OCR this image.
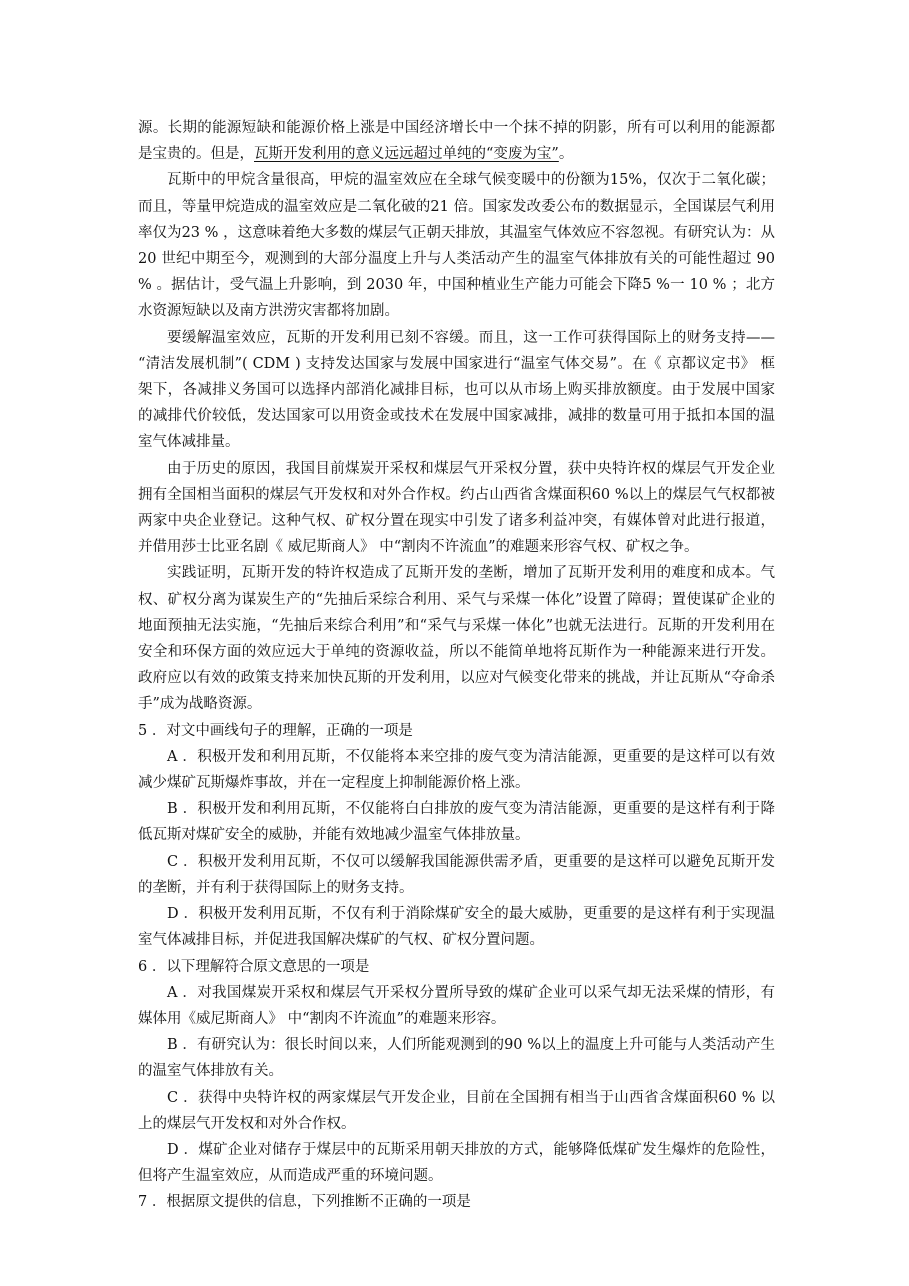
源。长期的能源短缺和能源价格上涨是中国经济增长中一个抹不掉的阴影，所有可以利用的能源都是宝贵的。但是，瓦斯开发利用的意义远远超过单纯的“变废为宝”。

瓦斯中的甲烷含量很高，甲烷的温室效应在全球气候变暖中的份额为15%，仅次于二氧化碳；而且，等量甲烷造成的温室效应是二氧化破的21 倍。国家发改委公布的数据显示，全国谋层气利用率仅为23 % ，这意味着绝大多数的煤层气正朝天排放，其温室气体效应不容忽视。有研究认为：从20 世纪中期至今，观测到的大部分温度上升与人类活动产生的温室气体排放有关的可能性超过 90 % 。据估计，受气温上升影响，到 2030 年，中国种植业生产能力可能会下降5 %一 10 % ；北方水资源短缺以及南方洪涝灾害都将加剧。

要缓解温室效应，瓦斯的开发利用已刻不容缓。而且，这一工作可获得国际上的财务支持—— “清洁发展机制”( CDM ) 支持发达国家与发展中国家进行“温室气体交易”。在《 京都议定书》 框架下，各减排义务国可以选择内部消化减排目标，也可以从市场上购买排放额度。由于发展中国家的减排代价较低，发达国家可以用资金或技术在发展中国家减排，减排的数量可用于抵扣本国的温室气体减排量。

由于历史的原因，我国目前煤炭开采权和煤层气开采权分置，获中央特许权的煤层气开发企业拥有全国相当面积的煤层气开发权和对外合作权。约占山西省含煤面积60 %以上的煤层气气权都被两家中央企业登记。这种气权、矿权分置在现实中引发了诸多利益冲突，有媒体曾对此进行报道，并借用莎士比亚名剧《 威尼斯商人》 中“割肉不许流血”的难题来形容气权、矿权之争。

实践证明，瓦斯开发的特许权造成了瓦斯开发的垄断，增加了瓦斯开发利用的难度和成本。气权、矿权分离为谋炭生产的“先抽后采综合利用、采气与采煤一体化”设置了障碍；置使谋矿企业的地面预抽无法实施，“先抽后来综合利用”和“采气与采煤一体化”也就无法进行。瓦斯的开发利用在安全和环保方面的效应远大于单纯的资源收益，所以不能简单地将瓦斯作为一种能源来进行开发。政府应以有效的政策支持来加快瓦斯的开发利用，以应对气候变化带来的挑战，并让瓦斯从“夺命杀手”成为战略资源。

5 ．对文中画线句子的理解，正确的一项是

A ．积极开发和利用瓦斯，不仅能将本来空排的废气变为清洁能源，更重要的是这样可以有效减少煤矿瓦斯爆炸事故，并在一定程度上抑制能源价格上涨。

B ．积极开发和利用瓦斯，不仅能将白白排放的废气变为清洁能源，更重要的是这样有利于降低瓦斯对煤矿安全的威胁，并能有效地减少温室气体排放量。

C ．积极开发利用瓦斯，不仅可以缓解我国能源供需矛盾，更重要的是这样可以避免瓦斯开发的垄断，并有利于获得国际上的财务支持。

D ．积极开发利用瓦斯，不仅有利于消除煤矿安全的最大威胁，更重要的是这样有利于实现温室气体减排目标，并促进我国解决煤矿的气权、矿权分置问题。

6 ．以下理解符合原文意思的一项是

A ．对我国煤炭开采权和煤层气开采权分置所导致的煤矿企业可以采气却无法采煤的情形，有媒体用《威尼斯商人》 中“割肉不许流血”的难题来形容。

B ．有研究认为：很长时间以来，人们所能观测到的90 %以上的温度上升可能与人类活动产生的温室气体排放有关。

C ．获得中央特许权的两家煤层气开发企业，目前在全国拥有相当于山西省含煤面积60 % 以上的煤层气开发权和对外合作权。

D ．煤矿企业对储存于煤层中的瓦斯采用朝天排放的方式，能够降低煤矿发生爆炸的危险性，但将产生温室效应，从而造成严重的环境问题。

7 ．根据原文提供的信息，下列推断不正确的一项是
